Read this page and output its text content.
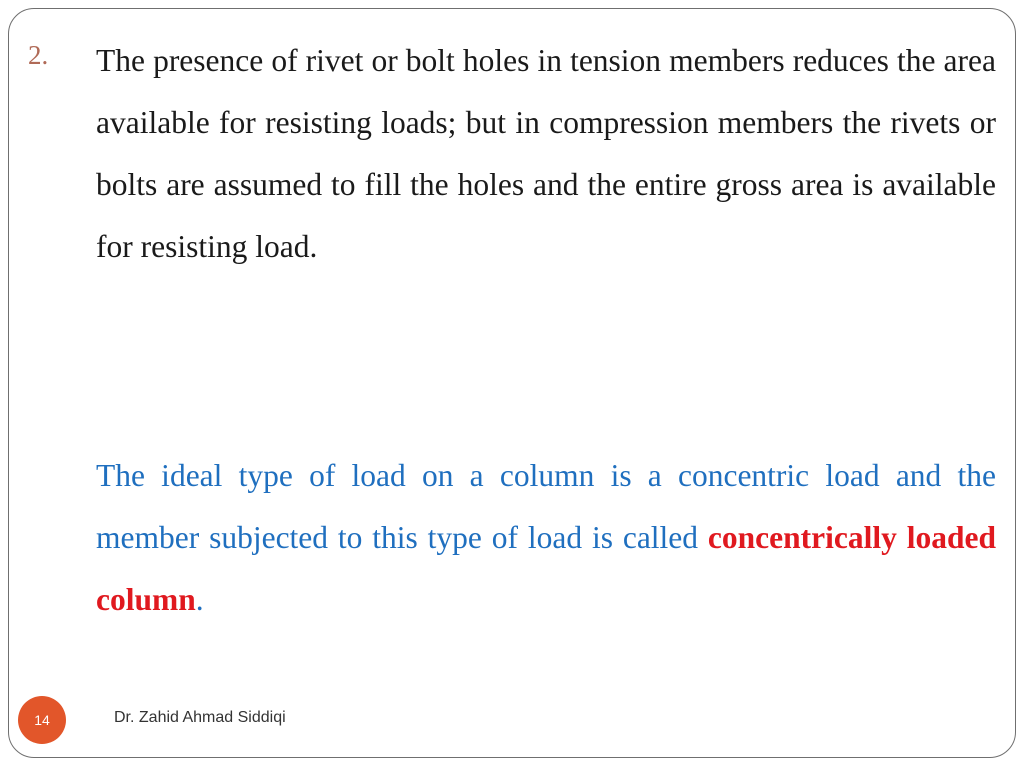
2. The presence of rivet or bolt holes in tension members reduces the area available for resisting loads; but in compression members the rivets or bolts are assumed to fill the holes and the entire gross area is available for resisting load.

The ideal type of load on a column is a concentric load and the member subjected to this type of load is called concentrically loaded column.

14	Dr. Zahid Ahmad Siddiqi
